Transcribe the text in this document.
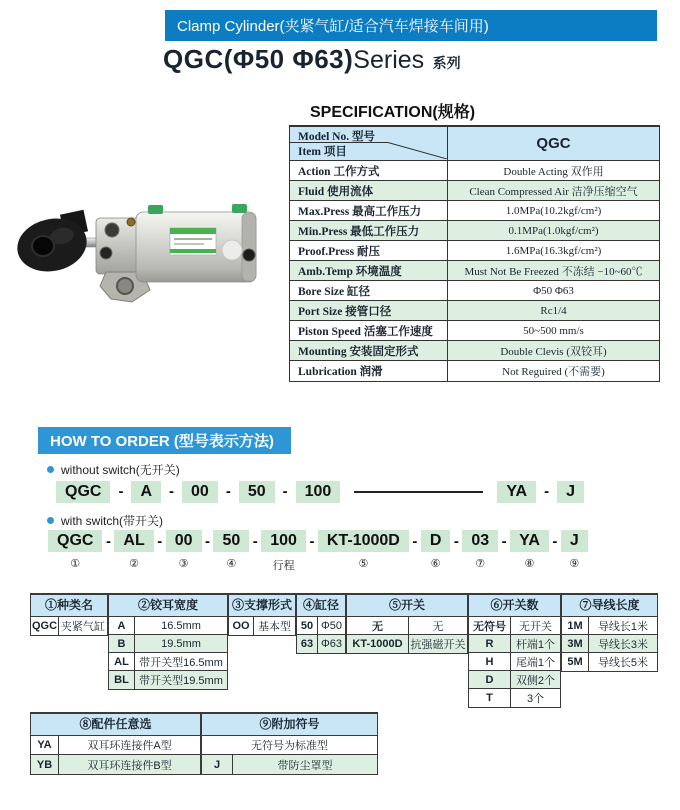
Clamp Cylinder(夹紧气缸/适合汽车焊接车间用)
QGC(Φ50 Φ63)Series 系列
SPECIFICATION(规格)
Model No. 型号
Item 项目	QGC
Action 工作方式	Double Acting 双作用
Fluid 使用流体	Clean Compressed Air 洁净压缩空气
Max.Press 最高工作压力	1.0MPa(10.2kgf/cm²)
Min.Press 最低工作压力	0.1MPa(1.0kgf/cm²)
Proof.Press 耐压	1.6MPa(16.3kgf/cm²)
Amb.Temp 环境温度	Must Not Be Freezed 不冻结 −10~60℃
Bore Size 缸径	Φ50 Φ63
Port Size 接管口径	Rc1/4
Piston Speed 活塞工作速度	50~500 mm/s
Mounting 安装固定形式	Double Clevis (双铰耳)
Lubrication 润滑	Not Reguired (不需要)
HOW TO ORDER (型号表示方法)
without switch(无开关)
QGC	-	A	-	00	-	50	-	100	YA	-	J
with switch(带开关)
QGC
①
- AL
②
- 00
③
- 50
④
- 100
行程
- KT-1000D
⑤
- D
⑥
- 03
⑦
- YA
⑧
- J
⑨
①种类名
QGC 夹紧气缸
②铰耳宽度
A	16.5mm
B	19.5mm
AL 带开关型16.5mm
BL 带开关型19.5mm
③支撑形式
OO 基本型
④缸径
50 Φ50
63 Φ63
⑤开关
无	无
KT-1000D 抗强磁开关
⑥开关数
无符号	无开关
R	杆端1个
H	尾端1个
D	双侧2个
T	3个
⑦导线长度
1M	导线长1米
3M	导线长3米
5M	导线长5米
⑧配件任意选
YA	双耳环连接件A型
YB	双耳环连接件B型
⑨附加符号
无符号为标准型
J	带防尘罩型
